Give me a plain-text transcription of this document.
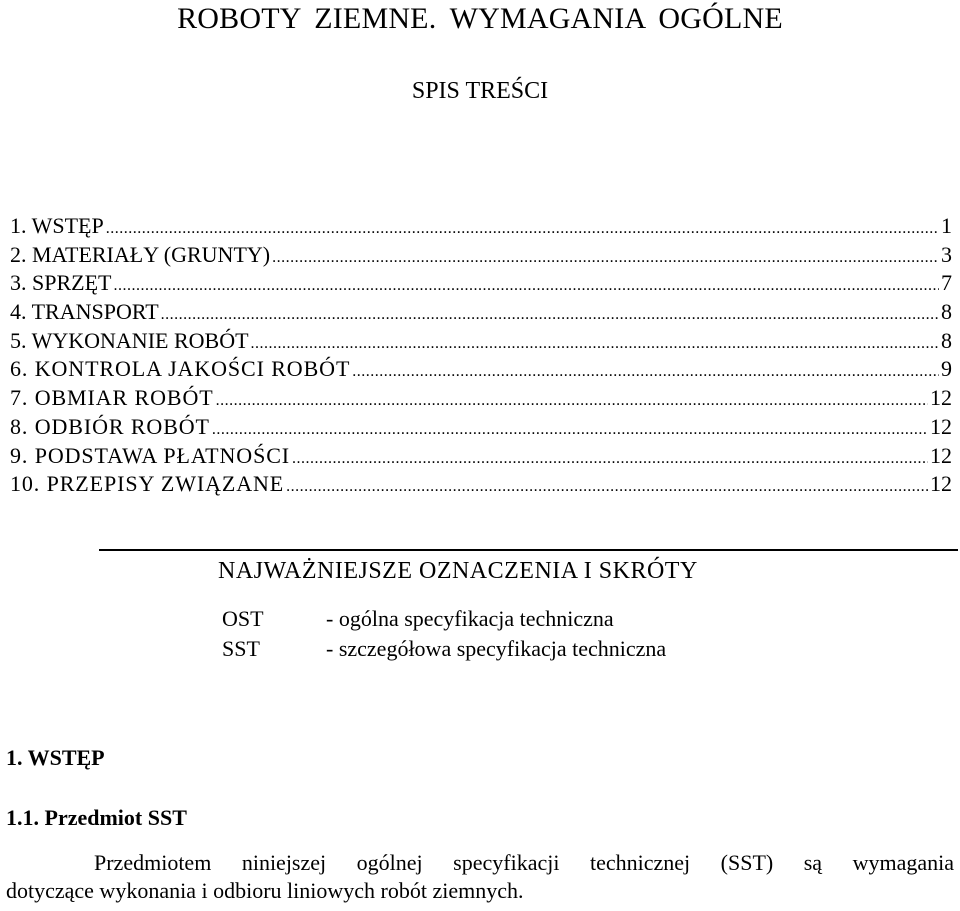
ROBOTY ZIEMNE. WYMAGANIA OGÓLNE
SPIS TREŚCI
1. WSTĘP .....	1
2. MATERIAŁY (GRUNTY) .....	3
3. SPRZĘT .....	7
4. TRANSPORT .....	8
5. WYKONANIE ROBÓT .....	8
6. KONTROLA JAKOŚCI ROBÓT .....	9
7. OBMIAR ROBÓT .....	12
8. ODBIÓR ROBÓT .....	12
9. PODSTAWA PŁATNOŚCI .....	12
10. PRZEPISY ZWIĄZANE .....	12
NAJWAŻNIEJSZE OZNACZENIA I SKRÓTY
OST	- ogólna specyfikacja techniczna
SST	- szczegółowa specyfikacja techniczna
1. WSTĘP
1.1. Przedmiot SST
Przedmiotem niniejszej ogólnej specyfikacji technicznej (SST) są wymagania
dotyczące wykonania i odbioru liniowych robót ziemnych.
